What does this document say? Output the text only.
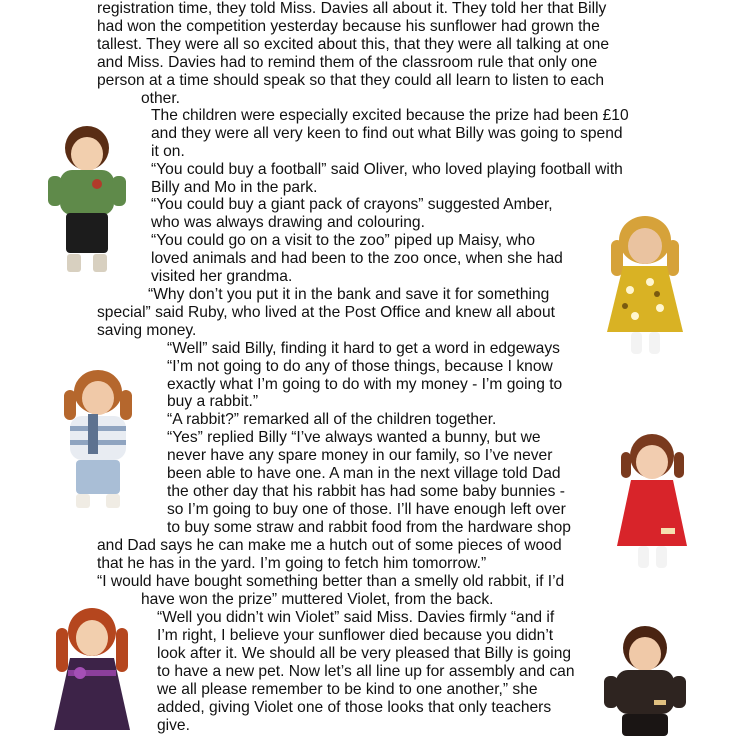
registration time, they told Miss. Davies all about it. They told her that Billy
had won the competition yesterday because his sunflower had grown the
tallest. They were all so excited about this, that they were all talking at one
and Miss. Davies had to remind them of the classroom rule that only one
person at a time should speak so that they could all learn to listen to each
other.
The children were especially excited because the prize had been £10
and they were all very keen to find out what Billy was going to spend
it on.
“You could buy a football” said Oliver, who loved playing football with
Billy and Mo in the park.
“You could buy a giant pack of crayons” suggested Amber,
who was always drawing and colouring.
“You could go on a visit to the zoo” piped up Maisy, who
loved animals and had been to the zoo once, when she had
visited her grandma.
“Why don’t you put it in the bank and save it for something
special” said Ruby, who lived at the Post Office and knew all about
saving money.
“Well” said Billy, finding it hard to get a word in edgeways
“I’m not going to do any of those things, because I know
exactly what I’m going to do with my money - I’m going to
buy a rabbit.”
“A rabbit?” remarked all of the children together.
“Yes” replied Billy “I’ve always wanted a bunny, but we
never have any spare money in our family, so I’ve never
been able to have one. A man in the next village told Dad
the other day that his rabbit has had some baby bunnies -
so I’m going to buy one of those. I’ll have enough left over
to buy some straw and rabbit food from the hardware shop
and Dad says he can make me a hutch out of some pieces of wood
that he has in the yard. I’m going to fetch him tomorrow.”
“I would have bought something better than a smelly old rabbit, if I’d
have won the prize” muttered Violet, from the back.
“Well you didn’t win Violet” said Miss. Davies firmly “and if
I’m right, I believe your sunflower died because you didn’t
look after it. We should all be very pleased that Billy is going
to have a new pet. Now let’s all line up for assembly and can
we all please remember to be kind to one another,” she
added, giving Violet one of those looks that only teachers
give.
